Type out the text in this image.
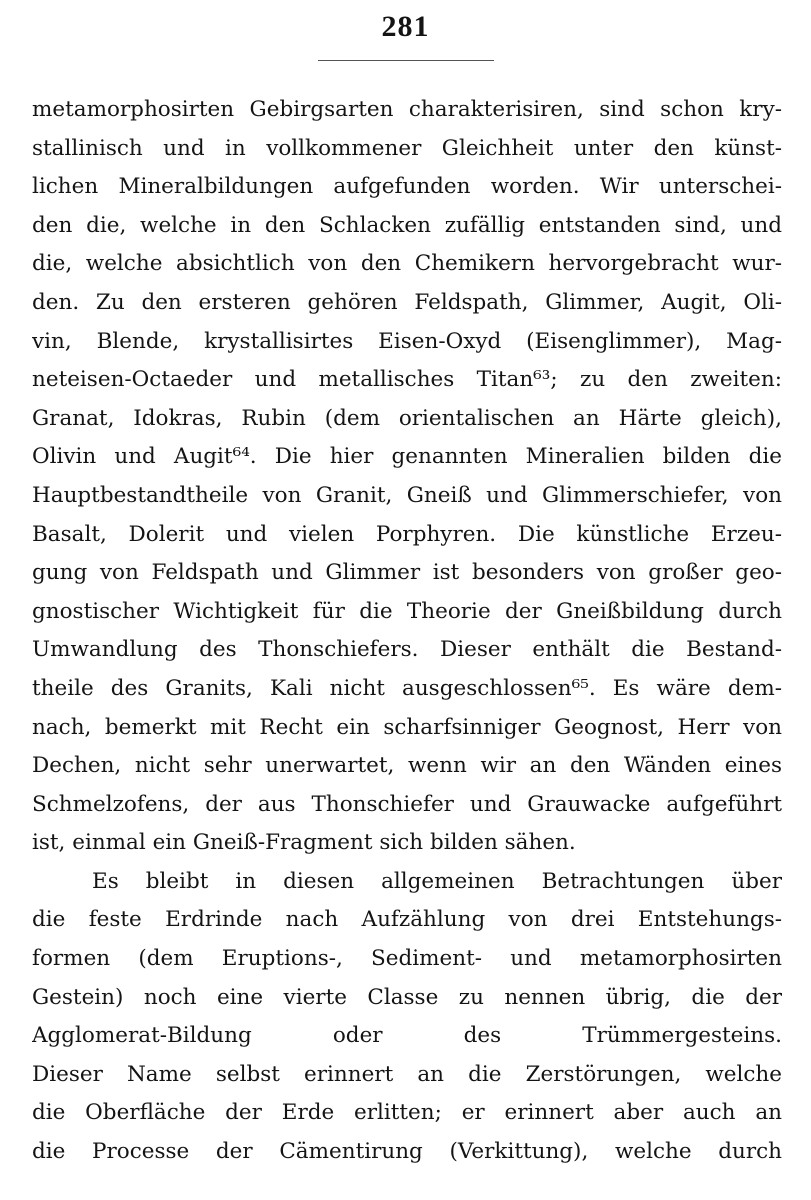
281
metamorphosirten Gebirgsarten charakterisiren, sind schon kry-
stallinisch und in vollkommener Gleichheit unter den künst-
lichen Mineralbildungen aufgefunden worden. Wir unterschei-
den die, welche in den Schlacken zufällig entstanden sind, und
die, welche absichtlich von den Chemikern hervorgebracht wur-
den. Zu den ersteren gehören Feldspath, Glimmer, Augit, Oli-
vin, Blende, krystallisirtes Eisen-Oxyd (Eisenglimmer), Mag-
neteisen-Octaeder und metallisches Titan⁶³; zu den zweiten:
Granat, Idokras, Rubin (dem orientalischen an Härte gleich),
Olivin und Augit⁶⁴. Die hier genannten Mineralien bilden die
Hauptbestandtheile von Granit, Gneiß und Glimmerschiefer, von
Basalt, Dolerit und vielen Porphyren. Die künstliche Erzeu-
gung von Feldspath und Glimmer ist besonders von großer geo-
gnostischer Wichtigkeit für die Theorie der Gneißbildung durch
Umwandlung des Thonschiefers. Dieser enthält die Bestand-
theile des Granits, Kali nicht ausgeschlossen⁶⁵. Es wäre dem-
nach, bemerkt mit Recht ein scharfsinniger Geognost, Herr von
Dechen, nicht sehr unerwartet, wenn wir an den Wänden eines
Schmelzofens, der aus Thonschiefer und Grauwacke aufgeführt
ist, einmal ein Gneiß-Fragment sich bilden sähen.
Es bleibt in diesen allgemeinen Betrachtungen über
die feste Erdrinde nach Aufzählung von drei Entstehungs-
formen (dem Eruptions-, Sediment- und metamorphosirten
Gestein) noch eine vierte Classe zu nennen übrig, die der
Agglomerat-Bildung oder des Trümmergesteins.
Dieser Name selbst erinnert an die Zerstörungen, welche
die Oberfläche der Erde erlitten; er erinnert aber auch an
die Processe der Cämentirung (Verkittung), welche durch
